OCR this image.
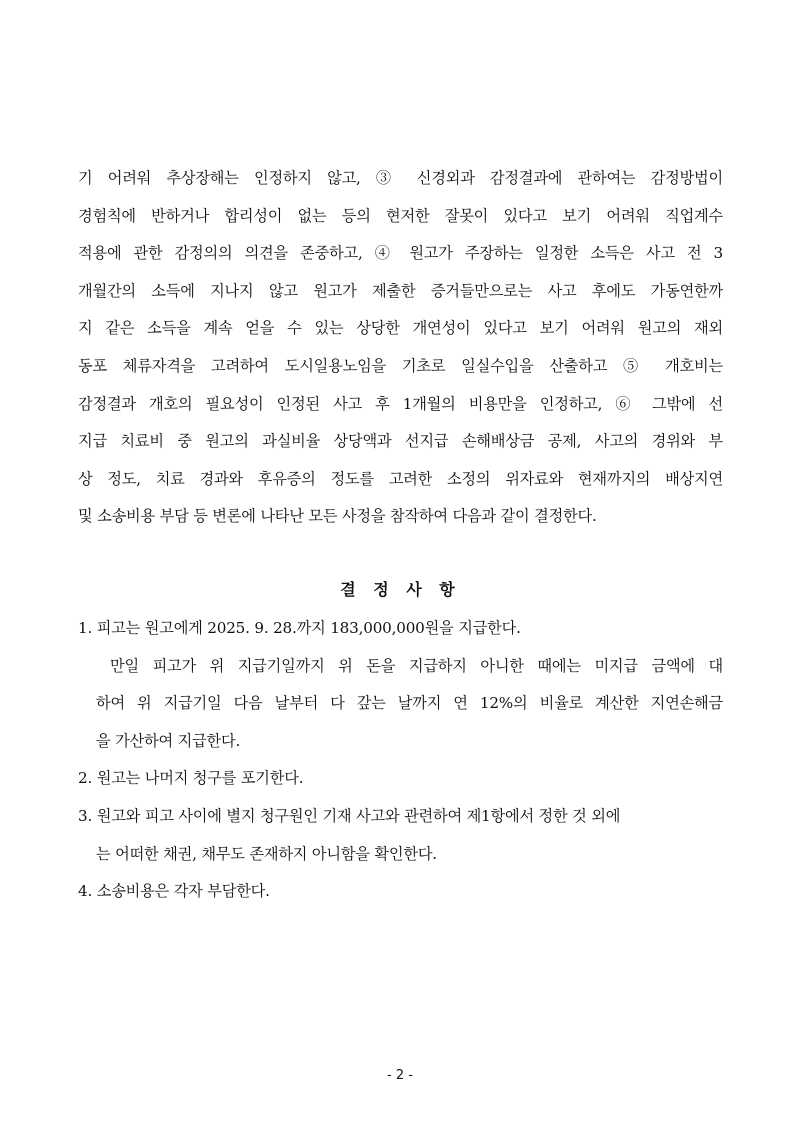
기 어려워 추상장해는 인정하지 않고, ③ 신경외과 감정결과에 관하여는 감정방법이
경험칙에 반하거나 합리성이 없는 등의 현저한 잘못이 있다고 보기 어려워 직업계수
적용에 관한 감정의의 의견을 존중하고, ④ 원고가 주장하는 일정한 소득은 사고 전 3
개월간의 소득에 지나지 않고 원고가 제출한 증거들만으로는 사고 후에도 가동연한까
지 같은 소득을 계속 얻을 수 있는 상당한 개연성이 있다고 보기 어려워 원고의 재외
동포 체류자격을 고려하여 도시일용노임을 기초로 일실수입을 산출하고 ⑤ 개호비는
감정결과 개호의 필요성이 인정된 사고 후 1개월의 비용만을 인정하고, ⑥ 그밖에 선
지급 치료비 중 원고의 과실비율 상당액과 선지급 손해배상금 공제, 사고의 경위와 부
상 정도, 치료 경과와 후유증의 정도를 고려한 소정의 위자료와 현재까지의 배상지연
및 소송비용 부담 등 변론에 나타난 모든 사정을 참작하여 다음과 같이 결정한다.
결 정 사 항
1. 피고는 원고에게 2025. 9. 28.까지 183,000,000원을 지급한다.
만일 피고가 위 지급기일까지 위 돈을 지급하지 아니한 때에는 미지급 금액에 대
하여 위 지급기일 다음 날부터 다 갚는 날까지 연 12%의 비율로 계산한 지연손해금
을 가산하여 지급한다.
2. 원고는 나머지 청구를 포기한다.
3. 원고와 피고 사이에 별지 청구원인 기재 사고와 관련하여 제1항에서 정한 것 외에
는 어떠한 채권, 채무도 존재하지 아니함을 확인한다.
4. 소송비용은 각자 부담한다.
- 2 -
